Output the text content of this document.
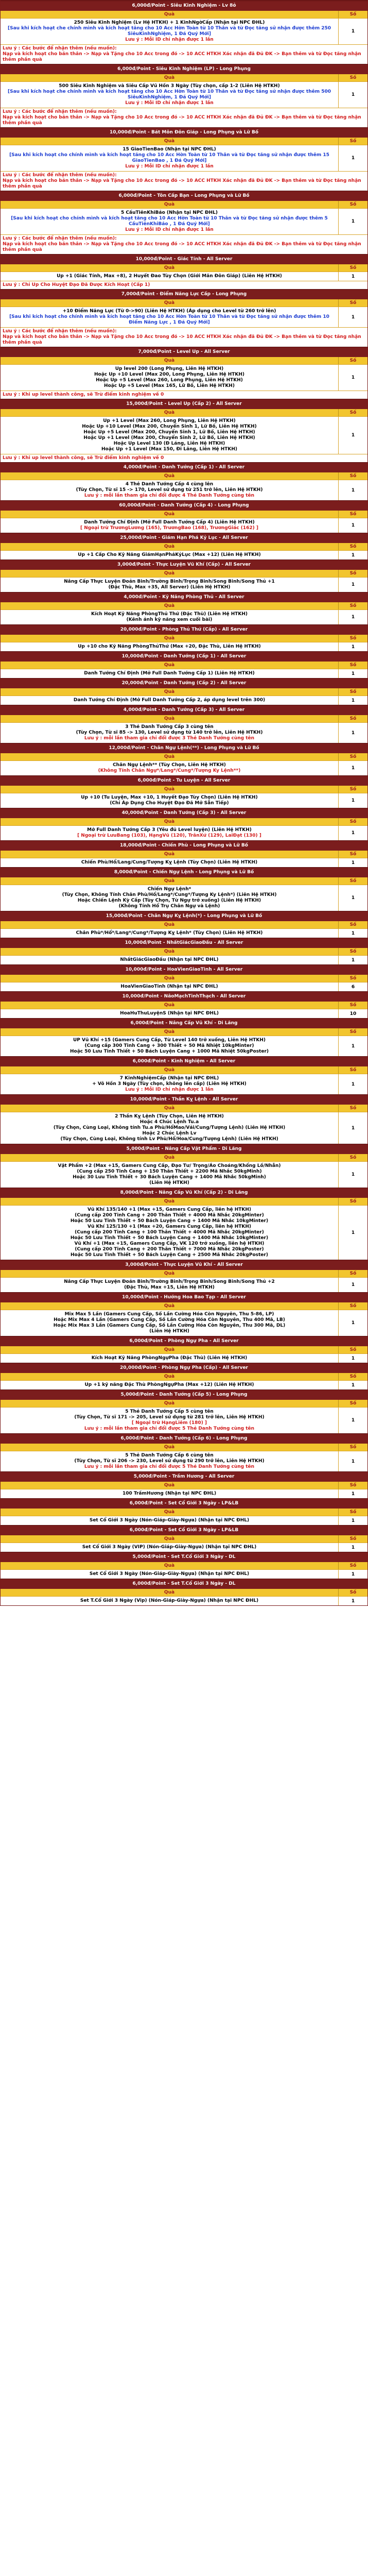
6,000đ/Point - Siêu Kinh Nghiệm - Lv 8ỏ
Quà	Số
250 Siêu Kinh Nghiệm (Lv Hệ HTKH) + 1 KinhNgờCấp (Nhận tại NPC ĐHL)
[Sau khi kích hoạt che chính mình và kích hoạt tăng cho 10 Acc Hờn Toàn từ 10 Thân và từ Đọc tăng sử nhận được thêm 250 SiêuKinhNghiệm, 1 Đá Quý Mới]
Lưu ý : Mỗi ID chỉ nhận được 1 lần
1
Lưu ý : Các bước để nhận thêm (nếu muốn):
Nạp và kích hoạt cho bản thân -> Nạp và Tặng cho 10 Acc trong đó -> 10 ACC HTKH Xác nhận đã Đủ ĐK -> Bạn thêm và từ Đọc tăng nhận thêm phần quà
6,000đ/Point - Siêu Kinh Nghiệm (LP) - Long Phụng
Quà	Số
500 Siêu Kinh Nghiệm và Siêu Cấp Vũ Hồn 3 Ngày (Tùy chọn, cấp 1-2 (Liên Hệ HTKH)
[Sau khi kích hoạt che chính mình và kích hoạt tăng cho 10 Acc Hờn Toàn từ 10 Thân và từ Đọc tăng sử nhận được thêm 500 SiêuKinhNghiệm, 1 Đá Quý Mới]
Lưu ý : Mỗi ID chỉ nhận được 1 lần
1
Lưu ý : Các bước để nhận thêm (nếu muốn):
Nạp và kích hoạt cho bản thân -> Nạp và Tặng cho 10 Acc trong đó -> 10 ACC HTKH Xác nhận đã Đủ ĐK -> Bạn thêm và từ Đọc tăng nhận thêm phần quà
10,000đ/Point - Bát Môn Đôn Giáp - Long Phụng và Lữ Bố
Quà	Số
15 GiaoTienBao (Nhận tại NPC ĐHL)
[Sau khi kích hoạt cho chính mình và kích hoạt tăng cho 10 Acc Hờn Toàn từ 10 Thân và từ Đọc tăng sử nhận được thêm 15 GiaoTienBao , 1 Đá Quý Mới]
Lưu ý : Mỗi ID chỉ nhận được 1 lần
1
Lưu ý : Các bước để nhận thêm (nếu muốn):
Nạp và kích hoạt cho bản thân -> Nạp và Tặng cho 10 Acc trong đó -> 10 ACC HTKH Xác nhận đã Đủ ĐK -> Bạn thêm và từ Đọc tăng nhận thêm phần quà
6,000đ/Point - Tôn Cấp Bạn - Long Phụng và Lữ Bố
Quà	Số
5 CấuTiênKhiBảo (Nhận tại NPC ĐHL)
[Sau khi kích hoạt cho chính mình và kích hoạt tăng cho 10 Acc Hờn Toàn từ 10 Thân và từ Đọc tăng sử nhận được thêm 5 CấuTiênKhiBảo , 1 Đá Quý Mới]
Lưu ý : Mỗi ID chỉ nhận được 1 lần
1
Lưu ý : Các bước để nhận thêm (nếu muốn):
Nạp và kích hoạt cho bản thân -> Nạp và Tặng cho 10 Acc trong đó -> 10 ACC HTKH Xác nhận đã Đủ ĐK -> Bạn thêm và từ Đọc tăng nhận thêm phần quà
10,000đ/Point - Giác Tính - All Server
Quà	Số
Up +1 (Giác Tính, Max +8), 2 Huyết Đao Tùy Chọn (Giới Mãn Đôn Giáp) (Liên Hệ HTKH)	1
Lưu ý : Chỉ Up Cho Huyệt Đạo Đã Được Kích Hoạt (Cấp 1)
7,000đ/Point - Điểm Năng Lực Cấp - Long Phụng
Quà	Số
+10 Điểm Năng Lực (Từ 0->90) (Liên Hệ HTKH) (Áp dụng cho Level từ 260 trở lên)
[Sau khi kích hoạt cho chính mình và kích hoạt tăng cho 10 Acc Hờn Toàn từ 10 Thân và từ Đọc tăng sử nhận được thêm 10 Điểm Năng Lực , 1 Đá Quý Mới]
1
Lưu ý : Các bước để nhận thêm (nếu muốn):
Nạp và kích hoạt cho bản thân -> Nạp và Tặng cho 10 Acc trong đó -> 10 ACC HTKH Xác nhận đã Đủ ĐK -> Bạn thêm và từ Đọc tăng nhận thêm phần quà
7,000đ/Point - Level Up - All Server
Quà	Số
Up level 200 (Long Phụng, Liên Hệ HTKH)
Hoặc Up +10 Level (Max 200, Long Phụng, Liên Hệ HTKH)
Hoặc Up +5 Level (Max 260, Long Phụng, Liên Hệ HTKH)
Hoặc Up +5 Level (Max 165, Lữ Bố, Liên Hệ HTKH)
1
Lưu ý : Khi up level thành công, sẽ Trừ điểm kinh nghiệm về 0
15,000đ/Point - Level Up (Cấp 2) - All Server
Quà	Số
Up +1 Level (Max 260, Long Phụng, Liên Hệ HTKH)
Hoặc Up +10 Level (Max 200, Chuyển Sinh 1, Lữ Bố, Liên Hệ HTKH)
Hoặc Up +5 Level (Max 200, Chuyển Sinh 1, Lữ Bố, Liên Hệ HTKH)
Hoặc Up +1 Level (Max 200, Chuyển Sinh 2, Lữ Bố, Liên Hệ HTKH)
Hoặc Up Level 130 (Đ Láng, Liên Hệ HTKH)
Hoặc Up +1 Level (Max 150, Đi Lăng, Liên Hệ HTKH)
1
Lưu ý : Khi up level thành công, sẽ Trừ điểm kinh nghiệm về 0
4,000đ/Point - Danh Tướng (Cấp 1) - All Server
Quà	Số
4 Thẻ Danh Tướng Cấp 4 cùng lên
(Tùy Chọn, Từ sĩ 15 -> 170, Level sử dụng từ 251 trở lên, Liên Hệ HTKH)
Lưu ý : mỗi lần tham gia chỉ đổi được 4 Thẻ Danh Tướng cùng tên
1
60,000đ/Point - Danh Tướng (Cấp 4) - Long Phụng
Quà	Số
Danh Tướng Chí Định (Mở Full Danh Tướng Cấp 4) (Liên Hệ HTKH)
[ Ngoại trừ TrươngLương (165), TrươngBao (168), TrươngGiác (162) ]	1
25,000đ/Point - Giám Hạn Phá Kỷ Lục - All Server
Quà	Số
Up +1 Cấp Cho Kỹ Năng GiámHạnPhảKỷLục (Max +12) (Liên Hệ HTKH)	1
3,000đ/Point - Thực Luyện Vũ Khí (Cấp) - All Server
Quà	Số
Nâng Cấp Thực Luyện Đoản Binh/Trường Binh/Trọng Binh/Song Binh/Song Thủ +1
(Đặc Thù, Max +35, All Server) (Liên Hệ HTKH)	1
4,000đ/Point - Kỹ Năng Phòng Thủ - All Server
Quà	Số
Kích Hoạt Kỹ Năng PhòngThủ Thứ (Đặc Thù) (Liên Hệ HTKH)
(Kênh ảnh kỹ năng xem cuối bài)	1
20,000đ/Point - Phòng Thủ Thứ (Cấp) - All Server
Quà	Số
Up +10 cho Kỹ Năng PhòngThủThứ (Max +20, Đặc Thù, Liên Hệ HTKH)	1
10,000đ/Point - Danh Tướng (Cấp 1) - All Server
Quà	Số
Danh Tướng Chí Định (Mở Full Danh Tướng Cấp 1) (Liên Hệ HTKH)	1
20,000đ/Point - Danh Tướng (Cấp 2) - All Server
Quà	Số
Danh Tướng Chí Định (Mở Full Danh Tướng Cấp 2, áp dụng level trên 300)	1
4,000đ/Point - Danh Tướng (Cấp 3) - All Server
Quà	Số
3 Thẻ Danh Tướng Cấp 3 cùng tên
(Tùy Chọn, Từ sĩ 85 -> 130, Level sử dụng từ 140 trở lên, Liên Hệ HTKH)
Lưu ý : mỗi lần tham gia chỉ đổi được 3 Thẻ Danh Tướng cùng tên
1
12,000đ/Point - Chân Ngự Lệnh(**) - Long Phụng và Lữ Bố
Quà	Số
Chân Ngự Lệnh** (Tùy Chọn, Liên Hệ HTKH)
(Không Tính Chân Ngự*/Lang*/Cung*/Tượng Ky Lệnh**)	1
6,000đ/Point - Tu Luyện - All Server
Quà	Số
Up +10 (Tu Luyện, Max +10, 1 Huyết Đạo Tùy Chọn) (Liên Hệ HTKH)
(Chỉ Áp Dụng Cho Huyệt Đạo Đã Mở Sẵn Tiếp)	1
40,000đ/Point - Danh Tướng (Cấp 3) - All Server
Quà	Số
Mở Full Danh Tướng Cấp 3 (Yêu đủ Level luyện) (Liên Hệ HTKH)
[ Ngoại trừ LưuBang (103), HạngVũ (120), TrânXứ (129), LaiĐạt (130) ]	1
18,000đ/Point - Chiến Phù - Long Phụng và Lữ Bố
Quà	Số
Chiến Phù/Hổ/Lang/Cung/Tượng Kỵ Lệnh (Tùy Chọn) (Liên Hệ HTKH)	1
8,000đ/Point - Chiến Ngự Lệnh - Long Phụng và Lữ Bố
Quà	Số
Chiến Ngự Lệnh*
(Tùy Chọn, Không Tính Chân Phù/Hổ/Lang*/Cung*/Tượng Ky Lệnh*) (Liên Hệ HTKH)
Hoặc Chiến Lệnh Kỳ Cấp (Tùy Chọn, Từ Ngự trở xuống) (Liên Hệ HTKH)
(Không Tính Hổ Trụ Chân Ngự và Lệnh)
1
15,000đ/Point - Chân Ngự Kỵ Lệnh(*) - Long Phụng và Lữ Bố
Quà	Số
Chân Phù*/Hổ*/Lang*/Cung*/Tượng Kỵ Lệnh* (Tùy Chọn) (Liên Hệ HTKH)	1
10,000đ/Point - NhấtGiácGiaoĐấu - All Server
Quà	Số
NhấtGiácGiaoĐấu (Nhận tại NPC ĐHL)	1
10,000đ/Point - HoaVienGiaoTinh - All Server
Quà	Số
HoaVienGiaoTinh (Nhận tại NPC ĐHL)	6
10,000đ/Point - NâoMạchTinhThạch - All Server
Quà	Số
HoaHuThuLuyệnS (Nhận tại NPC ĐHL)	10
6,000đ/Point - Nâng Cấp Vũ Khí - Di Lăng
Quà	Số
UP Vũ Khí +15 (Gamers Cung Cấp, Từ Level 140 trở xuống, Liên Hệ HTKH)
(Cung cấp 300 Tinh Cang + 300 Thiết + 50 Mã Nhiệt 10kgMinter)
Hoặc 50 Lưu Tinh Thiết + 50 Bách Luyện Cang + 1000 Mã Nhiệt 50kgPoster)
1
6,000đ/Point - Kinh Nghiệm - All Server
Quà	Số
7 KinhNghiệmCấp (Nhận tại NPC ĐHL)
+ Vô Hồn 3 Ngày (Tùy chọn, không lên cấp) (Liên Hệ HTKH)
Lưu ý : Mỗi ID chỉ nhận được 1 lần
1
10,000đ/Point - Thần Kỵ Lệnh - All Server
Quà	Số
2 Thần Kỵ Lệnh (Tùy Chọn, Liên Hệ HTKH)
Hoặc 4 Chúc Lệnh Tu.a
(Tùy Chọn, Cùng Loại, Không tính Tu.a Phù/HổMao/Vải/Cung/Tượng Lệnh) (Liên Hệ HTKH)
Hoặc 2 Chúc Lệnh Lv
(Tùy Chọn, Cùng Loại, Không tính Lv Phù/Hổ/Hoa/Cung/Tượng Lệnh) (Liên Hệ HTKH)
1
5,000đ/Point - Nâng Cấp Vật Phẩm - Di Lăng
Quà	Số
Vật Phẩm +2 (Max +15, Gamers Cung Cấp, Đạo Tư/ Trọng/Áo Choáng/Khổng Lồ/Nhẫn)
(Cung cấp 250 Tinh Cang + 150 Thân Thiết + 2200 Mã Nhắc 50kgMinh)
Hoặc 30 Lưu Tinh Thiết + 30 Bách Luyện Cang + 1400 Mã Nhắc 50kgMinh)
(Liên Hệ HTKH)
1
8,000đ/Point - Nâng Cấp Vũ Khí (Cấp 2) - Di Lăng
Quà	Số
Vũ Khí 135/140 +1 (Max +15, Gamers Cung Cấp, liên hệ HTKH)
(Cung cấp 200 Tinh Cang + 200 Thân Thiết + 4000 Mã Nhắc 20kgMinter)
Hoặc 50 Lưu Tinh Thiết + 50 Bách Luyện Cang + 1400 Mã Nhắc 10kgMinter)
Vũ Khí 125/130 +1 (Max +20, Gamers Cung Cấp, liên hệ HTKH)
(Cung cấp 200 Tinh Cang + 100 Thân Thiết + 4000 Mã Nhắc 20kgMinter)
Hoặc 50 Lưu Tinh Thiết + 50 Bách Luyện Cang + 1400 Mã Nhắc 10kgMinter)
Vũ Khí +1 (Max +15, Gamers Cung Cấp, VK 120 trở xuống, liên hệ HTKH)
(Cung cấp 200 Tinh Cang + 200 Thân Thiết + 7000 Mã Nhắc 20kgPoster)
Hoặc 50 Lưu Tinh Thiết + 50 Bách Luyện Cang + 2500 Mã Nhắc 20kgPoster)
1
3,000đ/Point - Thực Luyện Vũ Khí - All Server
Quà	Số
Nâng Cấp Thực Luyện Đoản Binh/Trường Binh/Trọng Binh/Song Binh/Song Thủ +2
(Đặc Thù, Max +15, Liên Hệ HTKH)	1
10,000đ/Point - Hướng Hoa Bao Tạp - All Server
Quà	Số
Mix Max 5 Lần (Gamers Cung Cấp, Số Lần Cường Hóa Còn Nguyên, Thu 5-86, LP)
Hoặc Mix Max 4 Lần (Gamers Cung Cấp, Số Lần Cường Hóa Còn Nguyên, Thu 400 Mã, LB)
Hoặc Mix Max 3 Lần (Gamers Cung Cấp, Số Lần Cường Hóa Còn Nguyên, Thu 300 Mã, DL)
(Liên Hệ HTKH)
1
6,000đ/Point - Phòng Ngự Pha - All Server
Quà	Số
Kích Hoạt Kỹ Năng PhòngNgựPha (Đặc Thù) (Liên Hệ HTKH)	1
20,000đ/Point - Phòng Ngự Pha (Cấp) - All Server
Quà	Số
Up +1 kỹ năng Đặc Thù PhòngNgựPha (Max +12) (Liên Hệ HTKH)	1
5,000đ/Point - Danh Tướng (Cấp 5) - Long Phụng
Quà	Số
5 Thẻ Danh Tướng Cấp 5 cùng tên
(Tùy Chọn, Từ sĩ 171 -> 205, Level sử dụng từ 281 trở lên, Liên Hệ HTKH)
[ Ngoại trừ HạngLiêm (180) ]
Lưu ý : mỗi lần tham gia chỉ đổi được 5 Thẻ Danh Tướng cùng tên
1
6,000đ/Point - Danh Tướng (Cấp 6) - Long Phụng
Quà	Số
5 Thẻ Danh Tướng Cấp 6 cùng tên
(Tùy Chọn, Từ sĩ 206 -> 230, Level sử dụng từ 290 trở lên, Liên Hệ HTKH)
Lưu ý : mỗi lần tham gia chỉ đổi được 5 Thẻ Danh Tướng cùng tên
1
5,000đ/Point - Trầm Hương - All Server
Quà	Số
100 TrầmHương (Nhận tại NPC ĐHL)	1
6,000đ/Point - Set Cổ Giới 3 Ngày - LP&LB
Quà	Số
Set Cổ Giới 3 Ngày (Nón-Giáp-Giày-Ngựa) (Nhận tại NPC ĐHL)	1
6,000đ/Point - Set Cổ Giới 3 Ngày - LP&LB
Quà	Số
Set Cổ Giới 3 Ngày (VIP) (Nón-Giáp-Giày-Ngựa) (Nhận tại NPC ĐHL)	1
5,000đ/Point - Set T.Cổ Giới 3 Ngày - DL
Quà	Số
Set Cổ Giới 3 Ngày (Nón-Giáp-Giày-Ngựa) (Nhận tại NPC ĐHL)	1
6,000đ/Point - Set T.Cổ Giới 3 Ngày - DL
Quà	Số
Set T.Cổ Giới 3 Ngày (Vip) (Nón-Giáp-Giày-Ngựa) (Nhận tại NPC ĐHL)	1
